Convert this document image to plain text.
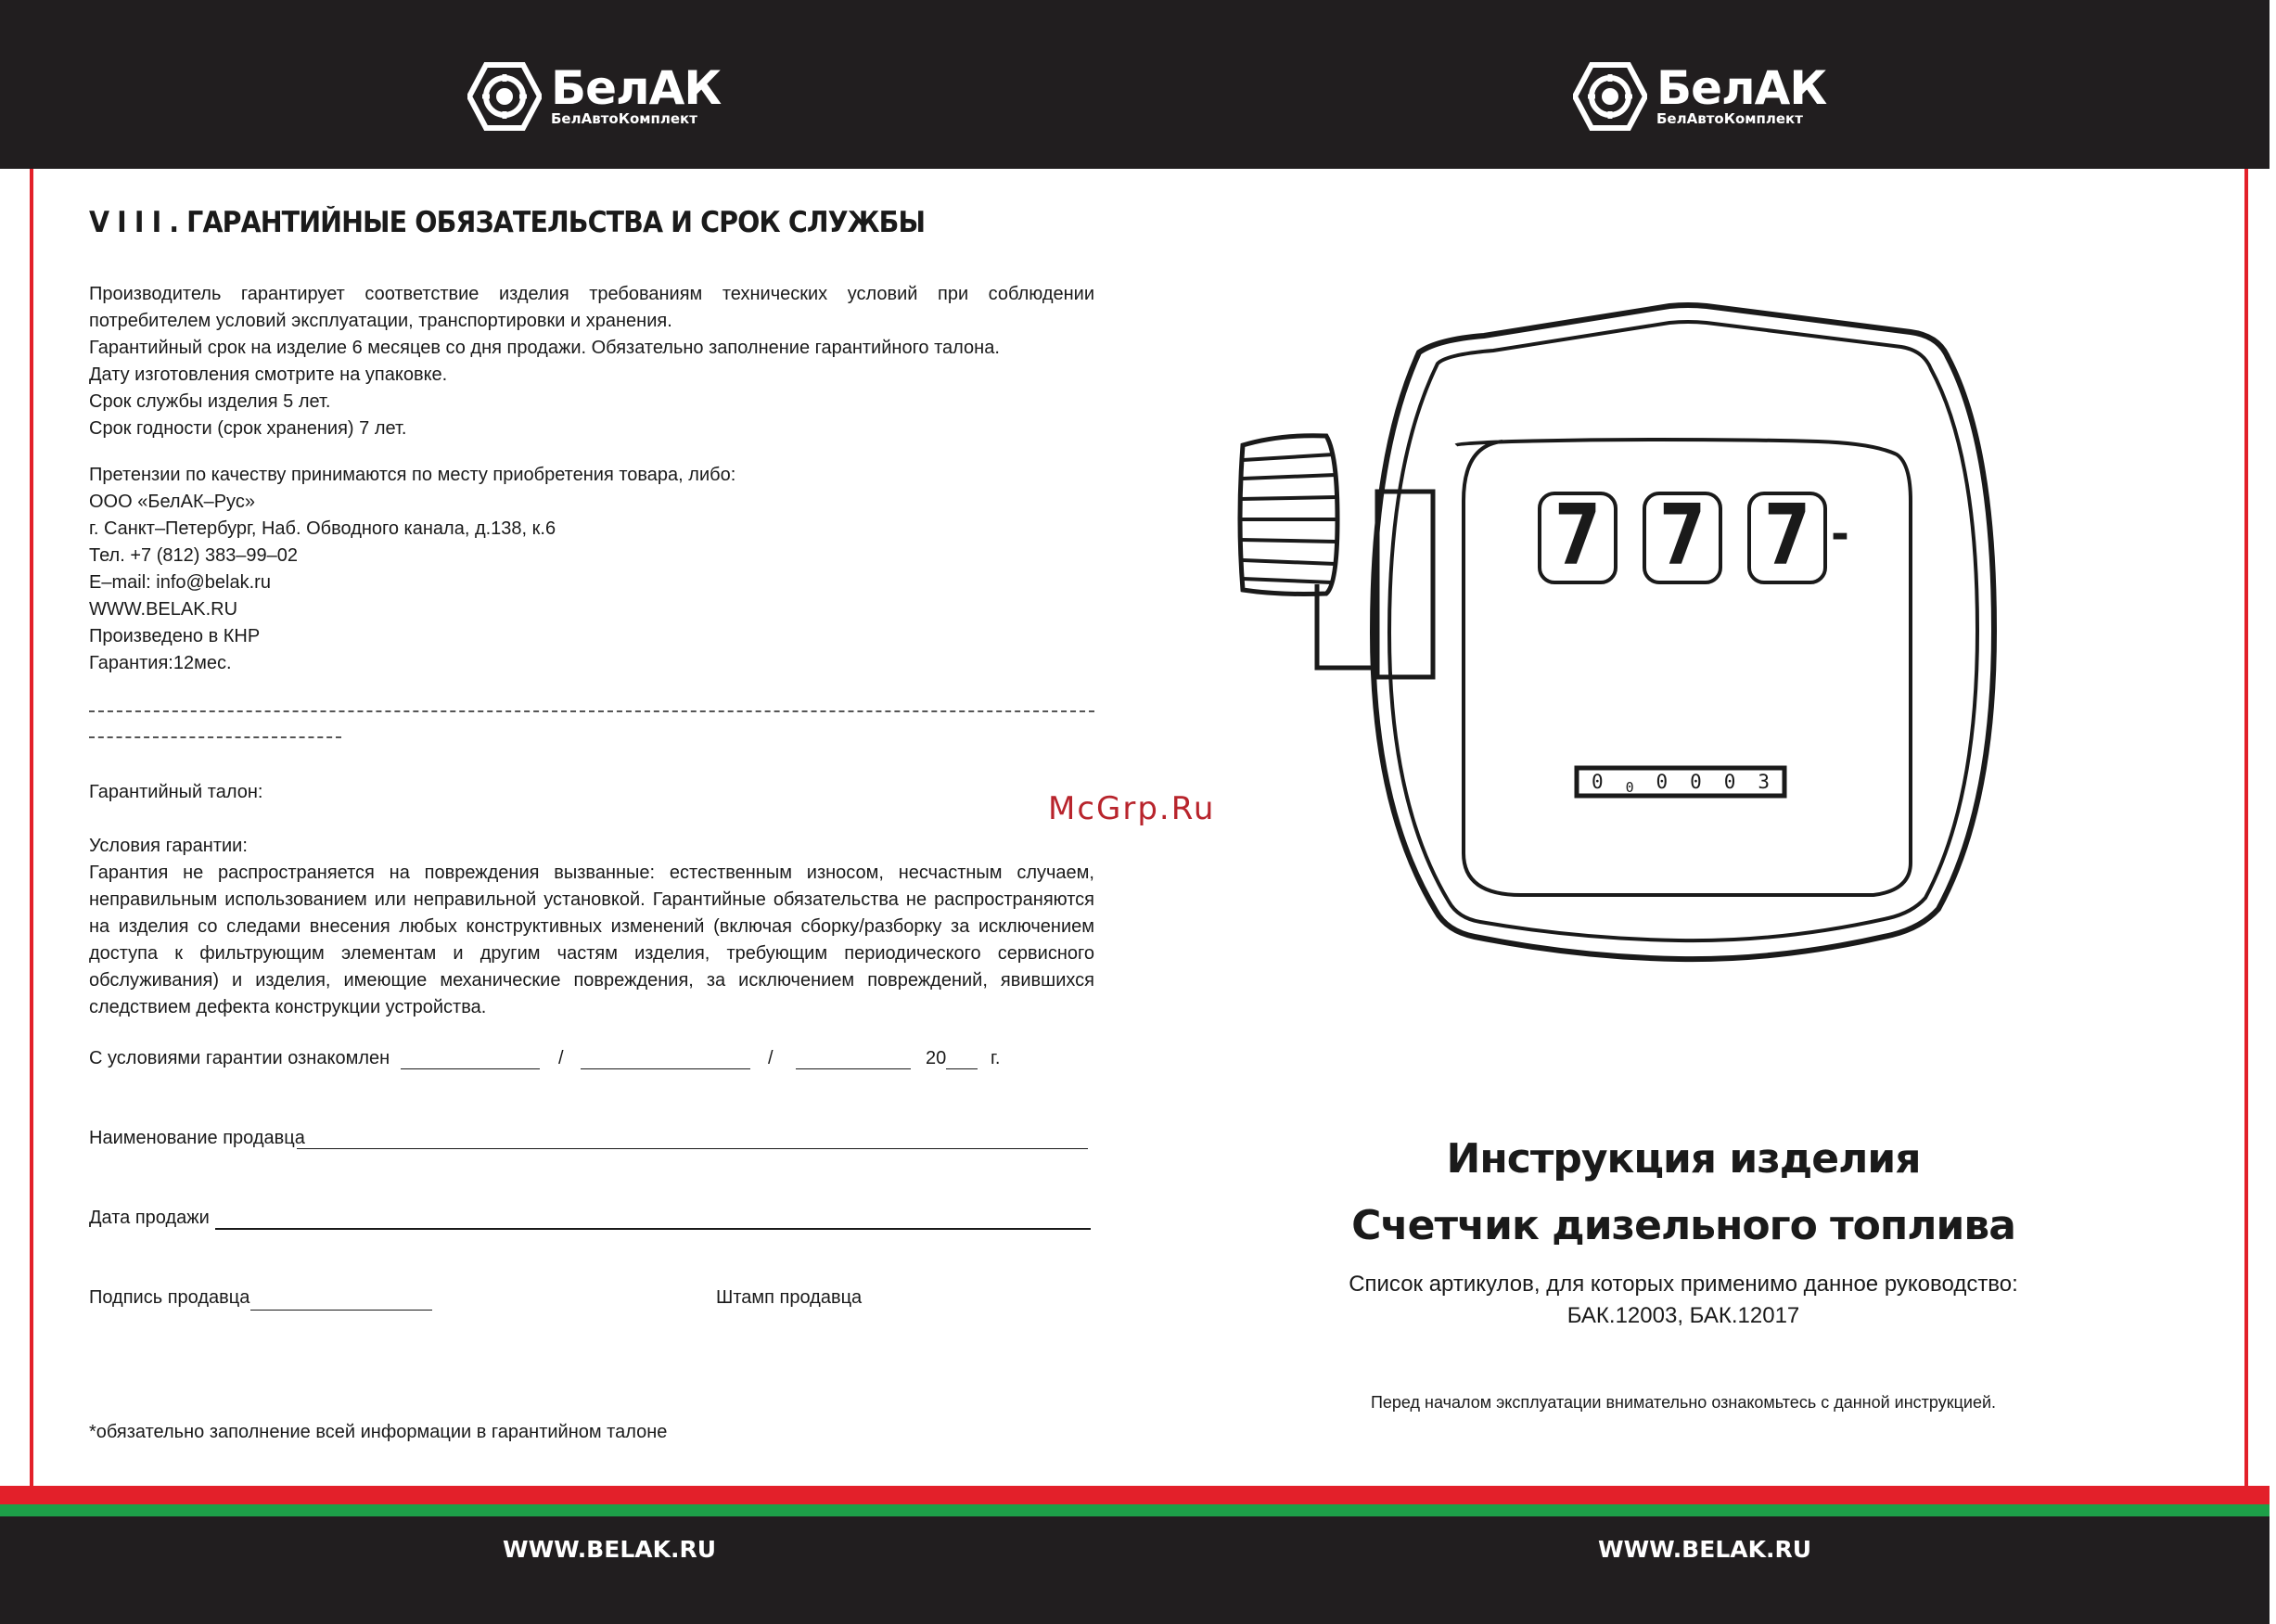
БелАК
БелАвтоКомплект
БелАК
БелАвтоКомплект
WWW.BELAK.RU	WWW.BELAK.RU
V I I I . ГАРАНТИЙНЫЕ ОБЯЗАТЕЛЬСТВА И СРОК СЛУЖБЫ
Производитель гарантирует соответствие изделия требованиям технических условий при соблюдении потребителем условий эксплуатации, транспортировки и хранения.
Гарантийный срок на изделие 6 месяцев со дня продажи. Обязательно заполнение гарантийного талона.
Дату изготовления смотрите на упаковке.
Срок службы изделия 5 лет.
Срок годности (срок хранения) 7 лет.
Претензии по качеству принимаются по месту приобретения товара, либо:
ООО «БелАК–Рус»
г. Санкт–Петербург, Наб. Обводного канала, д.138, к.6
Тел. +7 (812) 383–99–02
E–mail: info@belak.ru
WWW.BELAK.RU
Произведено в КНР
Гарантия:12мес.
Гарантийный талон:
Условия гарантии:
Гарантия не распространяется на повреждения вызванные: естественным износом, несчастным случаем, неправильным использованием или неправильной установкой. Гарантийные обязательства не распространяются на изделия со следами внесения любых конструктивных изменений (включая сборку/разборку за исключением доступа к фильтрующим элементам и другим частям изделия, требующим периодического сервисного обслуживания) и изделия, имеющие механические повреждения, за исключением повреждений, явившихся следствием дефекта конструкции устройства.
С условиями гарантии ознакомлен	/	/	20 г.
Наименование продавца
Дата продажи
Подпись продавца	Штамп продавца
*обязательно заполнение всей информации в гарантийном талоне
McGrp.Ru
7 7 7 -
0 0 0 0 0 3
Инструкция изделия
Счетчик дизельного топлива
Список артикулов, для которых применимо данное руководство:
БАК.12003, БАК.12017
Перед началом эксплуатации внимательно ознакомьтесь с данной инструкцией.
